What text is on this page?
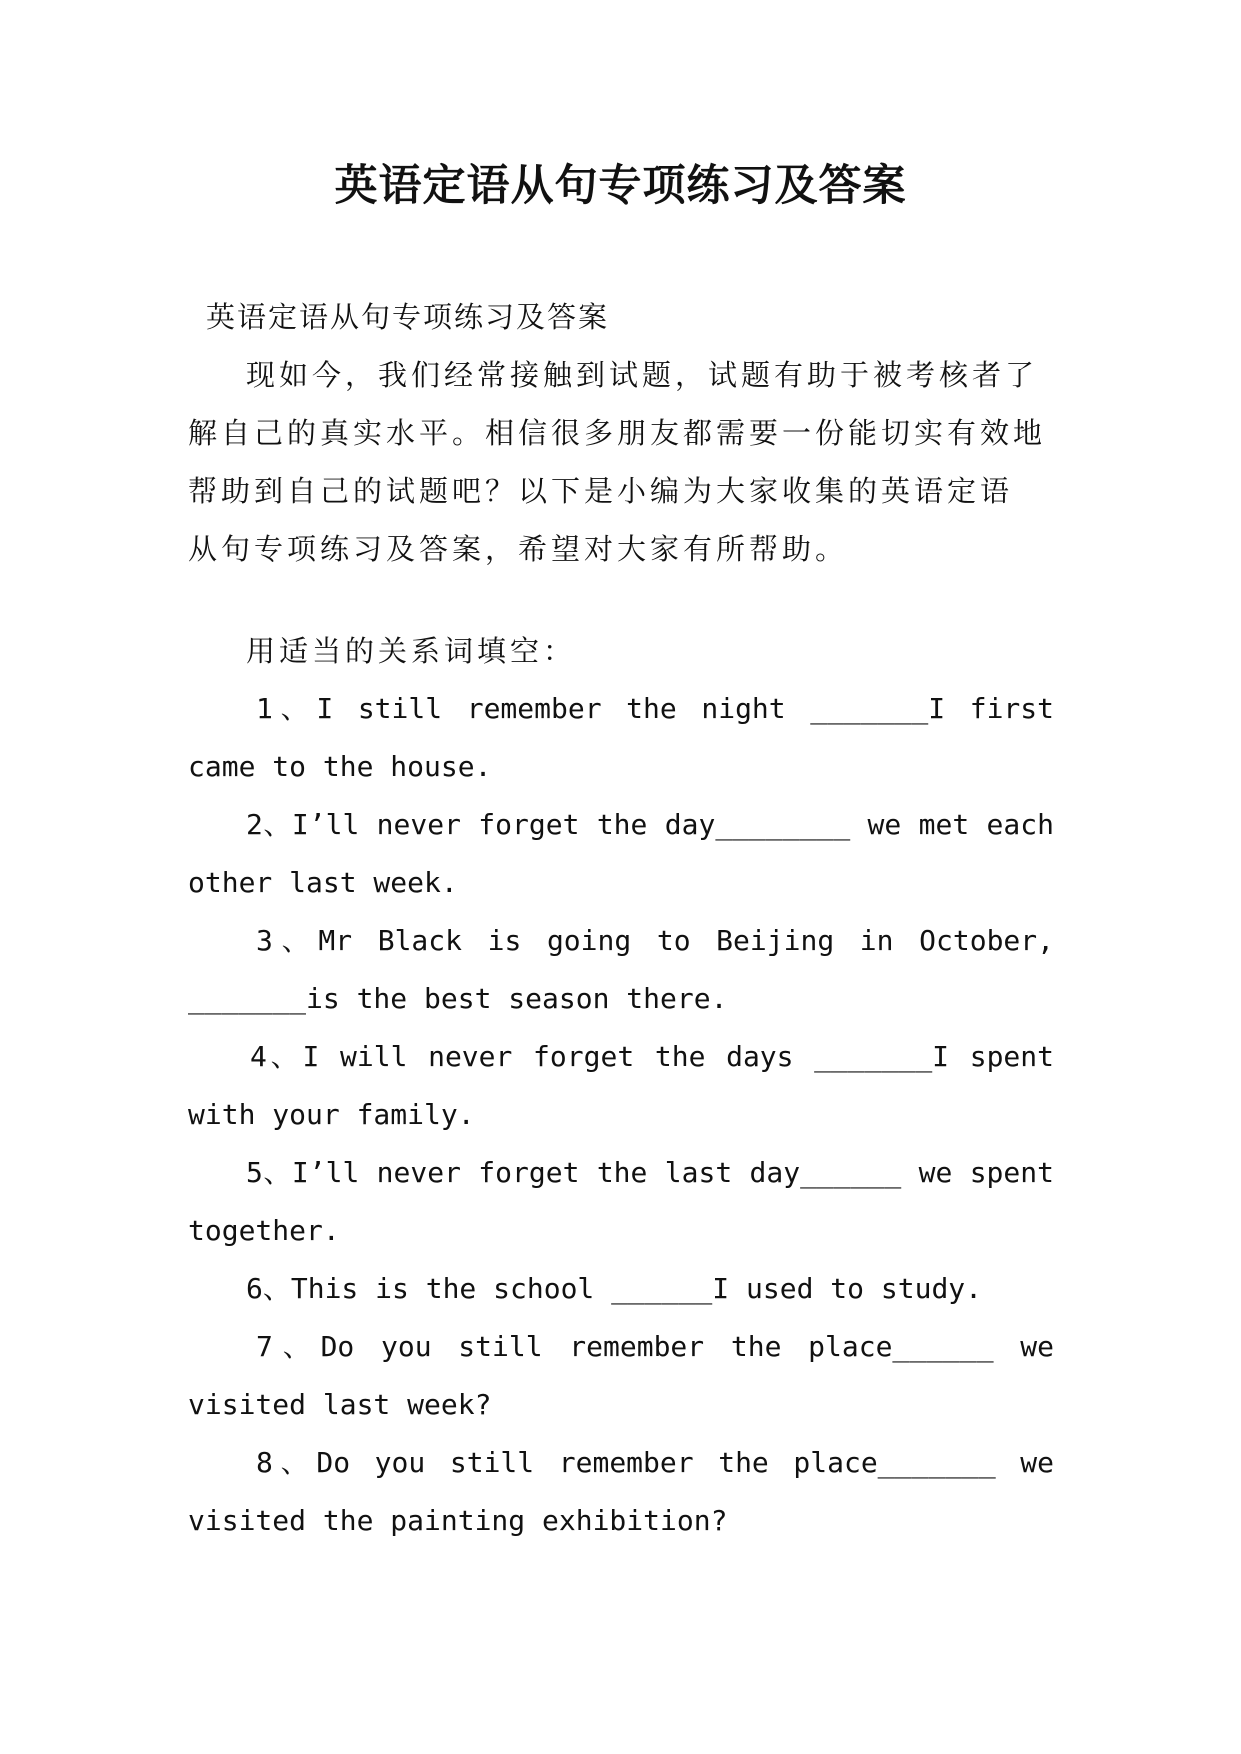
英语定语从句专项练习及答案
英语定语从句专项练习及答案
现如今，我们经常接触到试题，试题有助于被考核者了
解自己的真实水平。相信很多朋友都需要一份能切实有效地
帮助到自己的试题吧？以下是小编为大家收集的英语定语
从句专项练习及答案，希望对大家有所帮助。
用适当的关系词填空：
1、I still remember the night _______I first
came to the house.
2、I’ll never forget the day________ we met each
other last week.
3、Mr Black is going to Beijing in October,
_______is the best season there.
4、I will never forget the days _______I spent
with your family.
5、I’ll never forget the last day______ we spent
together.
6、This is the school ______I used to study.
7、Do you still remember the place______ we
visited last week?
8、Do you still remember the place_______ we
visited the painting exhibition?
